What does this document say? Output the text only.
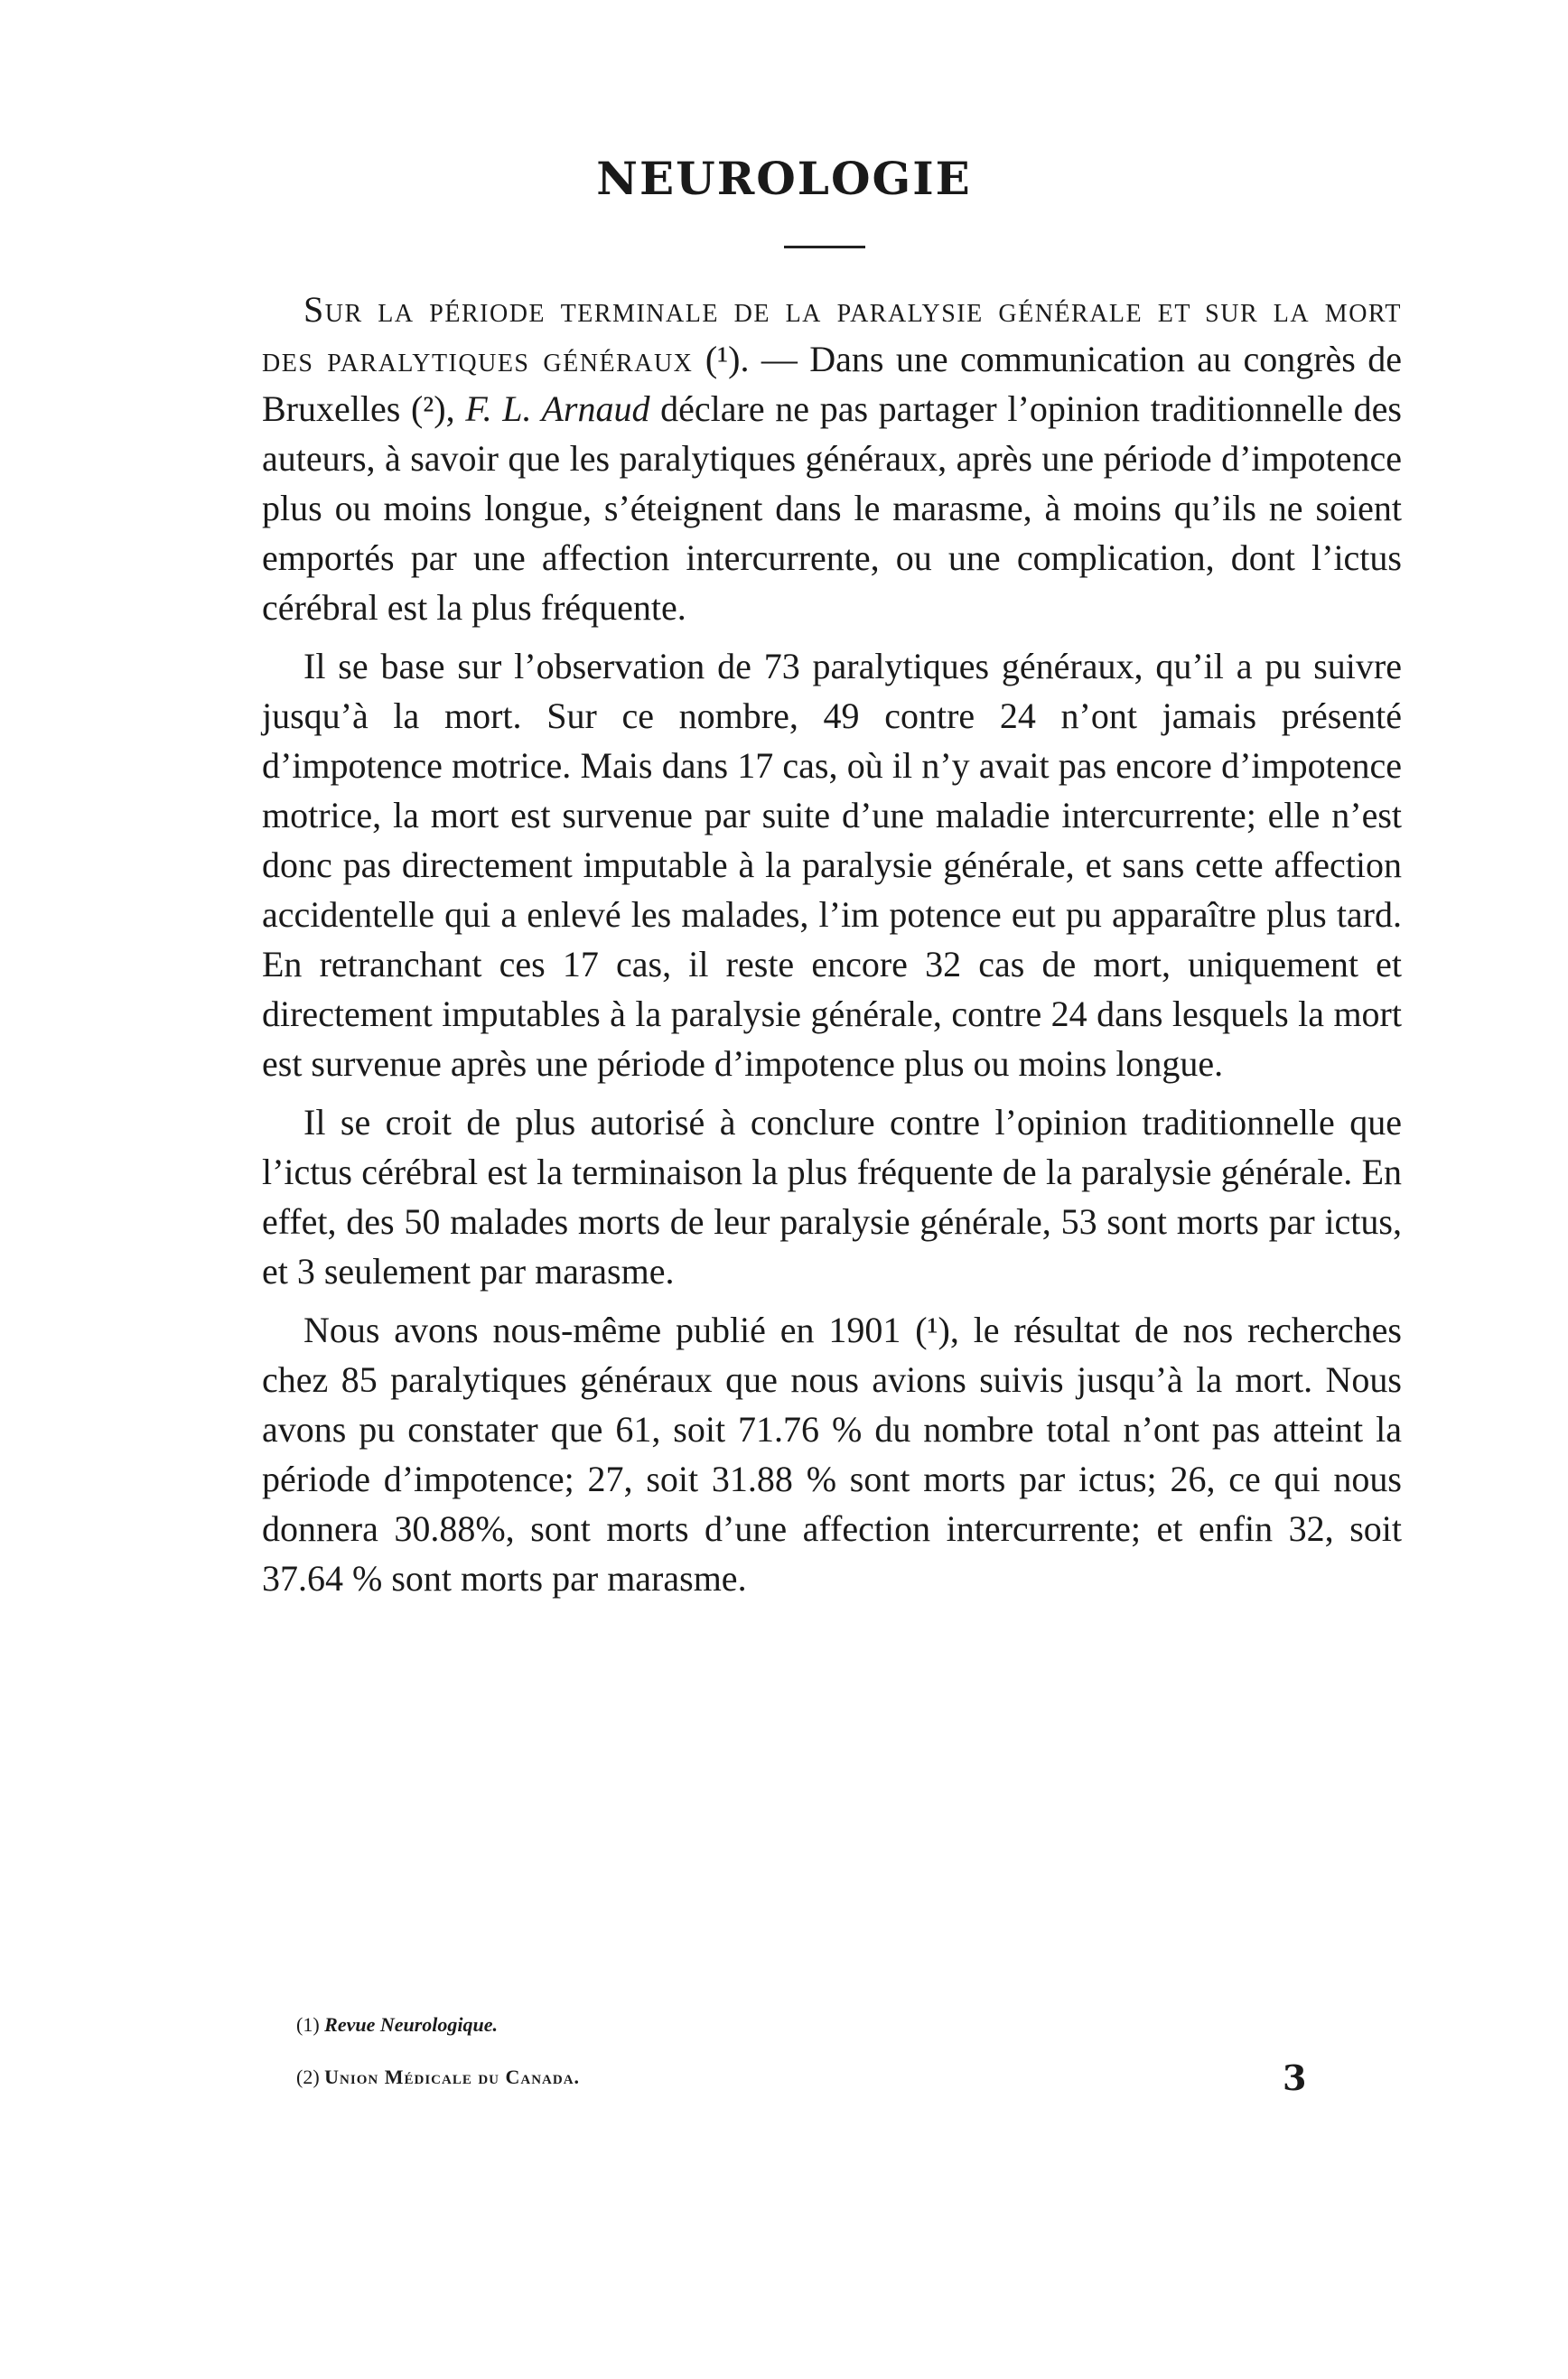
NEUROLOGIE

Sur la période terminale de la paralysie générale et sur la mort des paralytiques généraux (¹). — Dans une communication au congrès de Bruxelles (²), F. L. Arnaud déclare ne pas partager l’opinion traditionnelle des auteurs, à savoir que les paralytiques généraux, après une période d’impotence plus ou moins longue, s’éteignent dans le marasme, à moins qu’ils ne soient emportés par une affection intercurrente, ou une complication, dont l’ictus cérébral est la plus fréquente.

Il se base sur l’observation de 73 paralytiques généraux, qu’il a pu suivre jusqu’à la mort. Sur ce nombre, 49 contre 24 n’ont jamais présenté d’impotence motrice. Mais dans 17 cas, où il n’y avait pas encore d’impotence motrice, la mort est survenue par suite d’une maladie intercurrente; elle n’est donc pas directement imputable à la paralysie générale, et sans cette affection accidentelle qui a enlevé les malades, l’im potence eut pu apparaître plus tard. En retranchant ces 17 cas, il reste encore 32 cas de mort, uniquement et directement imputables à la paralysie générale, contre 24 dans lesquels la mort est survenue après une période d’impotence plus ou moins longue.

Il se croit de plus autorisé à conclure contre l’opinion traditionnelle que l’ictus cérébral est la terminaison la plus fréquente de la paralysie générale. En effet, des 50 malades morts de leur paralysie générale, 53 sont morts par ictus, et 3 seulement par marasme.

Nous avons nous-même publié en 1901 (¹), le résultat de nos recherches chez 85 paralytiques généraux que nous avions suivis jusqu’à la mort. Nous avons pu constater que 61, soit 71.76 % du nombre total n’ont pas atteint la période d’impotence; 27, soit 31.88 % sont morts par ictus; 26, ce qui nous donnera 30.88%, sont morts d’une affection intercurrente; et enfin 32, soit 37.64 % sont morts par marasme.

(1) Revue Neurologique.
(2) Union Médicale du Canada.	3
